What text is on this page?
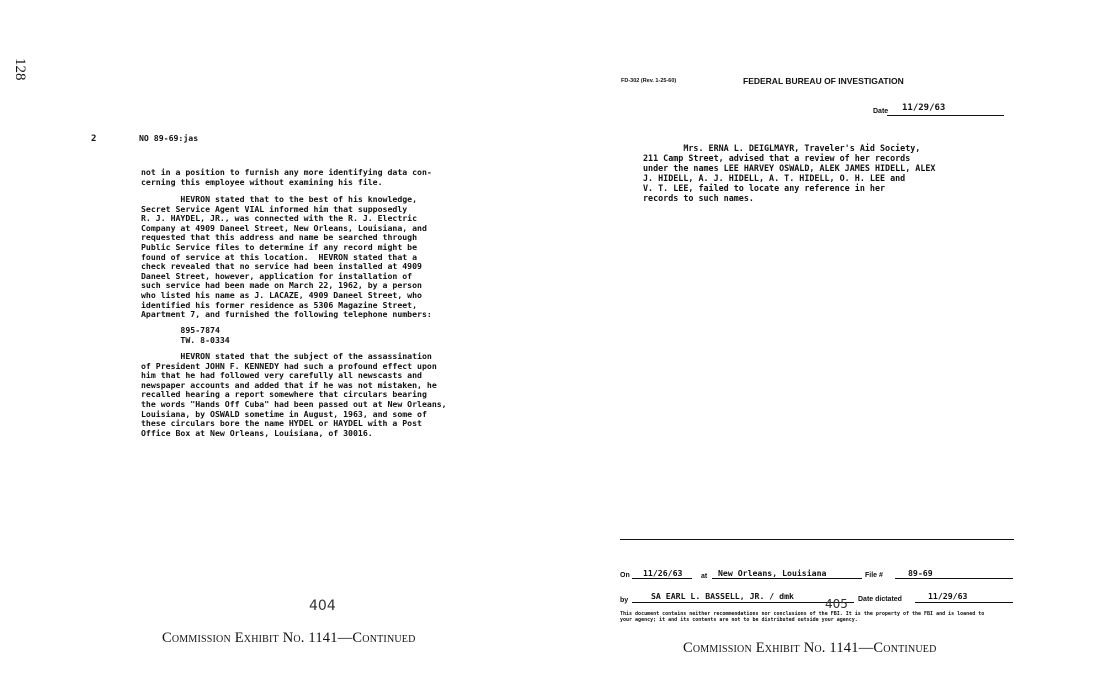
128
2	NO 89-69:jas
not in a position to furnish any more identifying data con-
cerning this employee without examining his file.
HEVRON stated that to the best of his knowledge,
Secret Service Agent VIAL informed him that supposedly
R. J. HAYDEL, JR., was connected with the R. J. Electric
Company at 4909 Daneel Street, New Orleans, Louisiana, and
requested that this address and name be searched through
Public Service files to determine if any record might be
found of service at this location.  HEVRON stated that a
check revealed that no service had been installed at 4909
Daneel Street, however, application for installation of
such service had been made on March 22, 1962, by a person
who listed his name as J. LACAZE, 4909 Daneel Street, who
identified his former residence as 5306 Magazine Street,
Apartment 7, and furnished the following telephone numbers:
895-7874
TW. 8-0334
HEVRON stated that the subject of the assassination
of President JOHN F. KENNEDY had such a profound effect upon
him that he had followed very carefully all newscasts and
newspaper accounts and added that if he was not mistaken, he
recalled hearing a report somewhere that circulars bearing
the words "Hands Off Cuba" had been passed out at New Orleans,
Louisiana, by OSWALD sometime in August, 1963, and some of
these circulars bore the name HYDEL or HAYDEL with a Post
Office Box at New Orleans, Louisiana, of 30016.
404
Commission Exhibit No. 1141—Continued
FD-302 (Rev. 1-25-60)	FEDERAL BUREAU OF INVESTIGATION
Date 11/29/63
Mrs. ERNA L. DEIGLMAYR, Traveler's Aid Society,
211 Camp Street, advised that a review of her records
under the names LEE HARVEY OSWALD, ALEK JAMES HIDELL, ALEX
J. HIDELL, A. J. HIDELL, A. T. HIDELL, O. H. LEE and
V. T. LEE, failed to locate any reference in her
records to such names.
On 11/26/63	at New Orleans, Louisiana	File #	89-69
by	SA EARL L. BASSELL, JR. / dmk	Date dictated	11/29/63
405
This document contains neither recommendations nor conclusions of the FBI. It is the property of the FBI and is loaned to
your agency; it and its contents are not to be distributed outside your agency.
Commission Exhibit No. 1141—Continued
